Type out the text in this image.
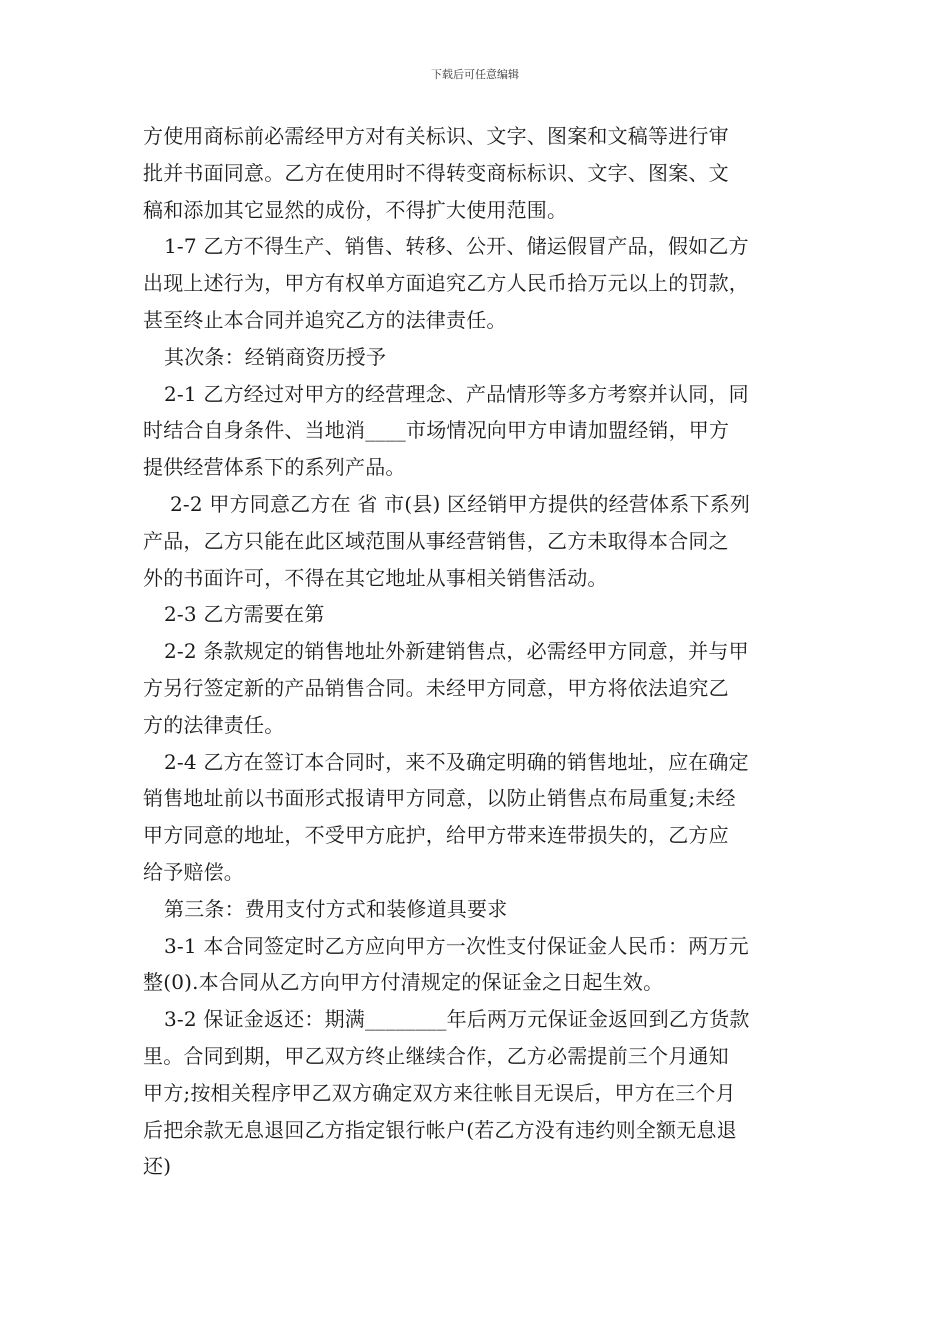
下载后可任意编辑
方使用商标前必需经甲方对有关标识、文字、图案和文稿等进行审
批并书面同意。乙方在使用时不得转变商标标识、文字、图案、文
稿和添加其它显然的成份，不得扩大使用范围。
1-7 乙方不得生产、销售、转移、公开、储运假冒产品，假如乙方
出现上述行为，甲方有权单方面追究乙方人民币拾万元以上的罚款，
甚至终止本合同并追究乙方的法律责任。
其次条：经销商资历授予
2-1 乙方经过对甲方的经营理念、产品情形等多方考察并认同，同
时结合自身条件、当地消____市场情况向甲方申请加盟经销，甲方
提供经营体系下的系列产品。
2-2 甲方同意乙方在 省 市(县) 区经销甲方提供的经营体系下系列
产品，乙方只能在此区域范围从事经营销售，乙方未取得本合同之
外的书面许可，不得在其它地址从事相关销售活动。
2-3 乙方需要在第
2-2 条款规定的销售地址外新建销售点，必需经甲方同意，并与甲
方另行签定新的产品销售合同。未经甲方同意，甲方将依法追究乙
方的法律责任。
2-4 乙方在签订本合同时，来不及确定明确的销售地址，应在确定
销售地址前以书面形式报请甲方同意，以防止销售点布局重复;未经
甲方同意的地址，不受甲方庇护，给甲方带来连带损失的，乙方应
给予赔偿。
第三条：费用支付方式和装修道具要求
3-1 本合同签定时乙方应向甲方一次性支付保证金人民币：两万元
整(0).本合同从乙方向甲方付清规定的保证金之日起生效。
3-2 保证金返还：期满________年后两万元保证金返回到乙方货款
里。合同到期，甲乙双方终止继续合作，乙方必需提前三个月通知
甲方;按相关程序甲乙双方确定双方来往帐目无误后，甲方在三个月
后把余款无息退回乙方指定银行帐户(若乙方没有违约则全额无息退
还)
